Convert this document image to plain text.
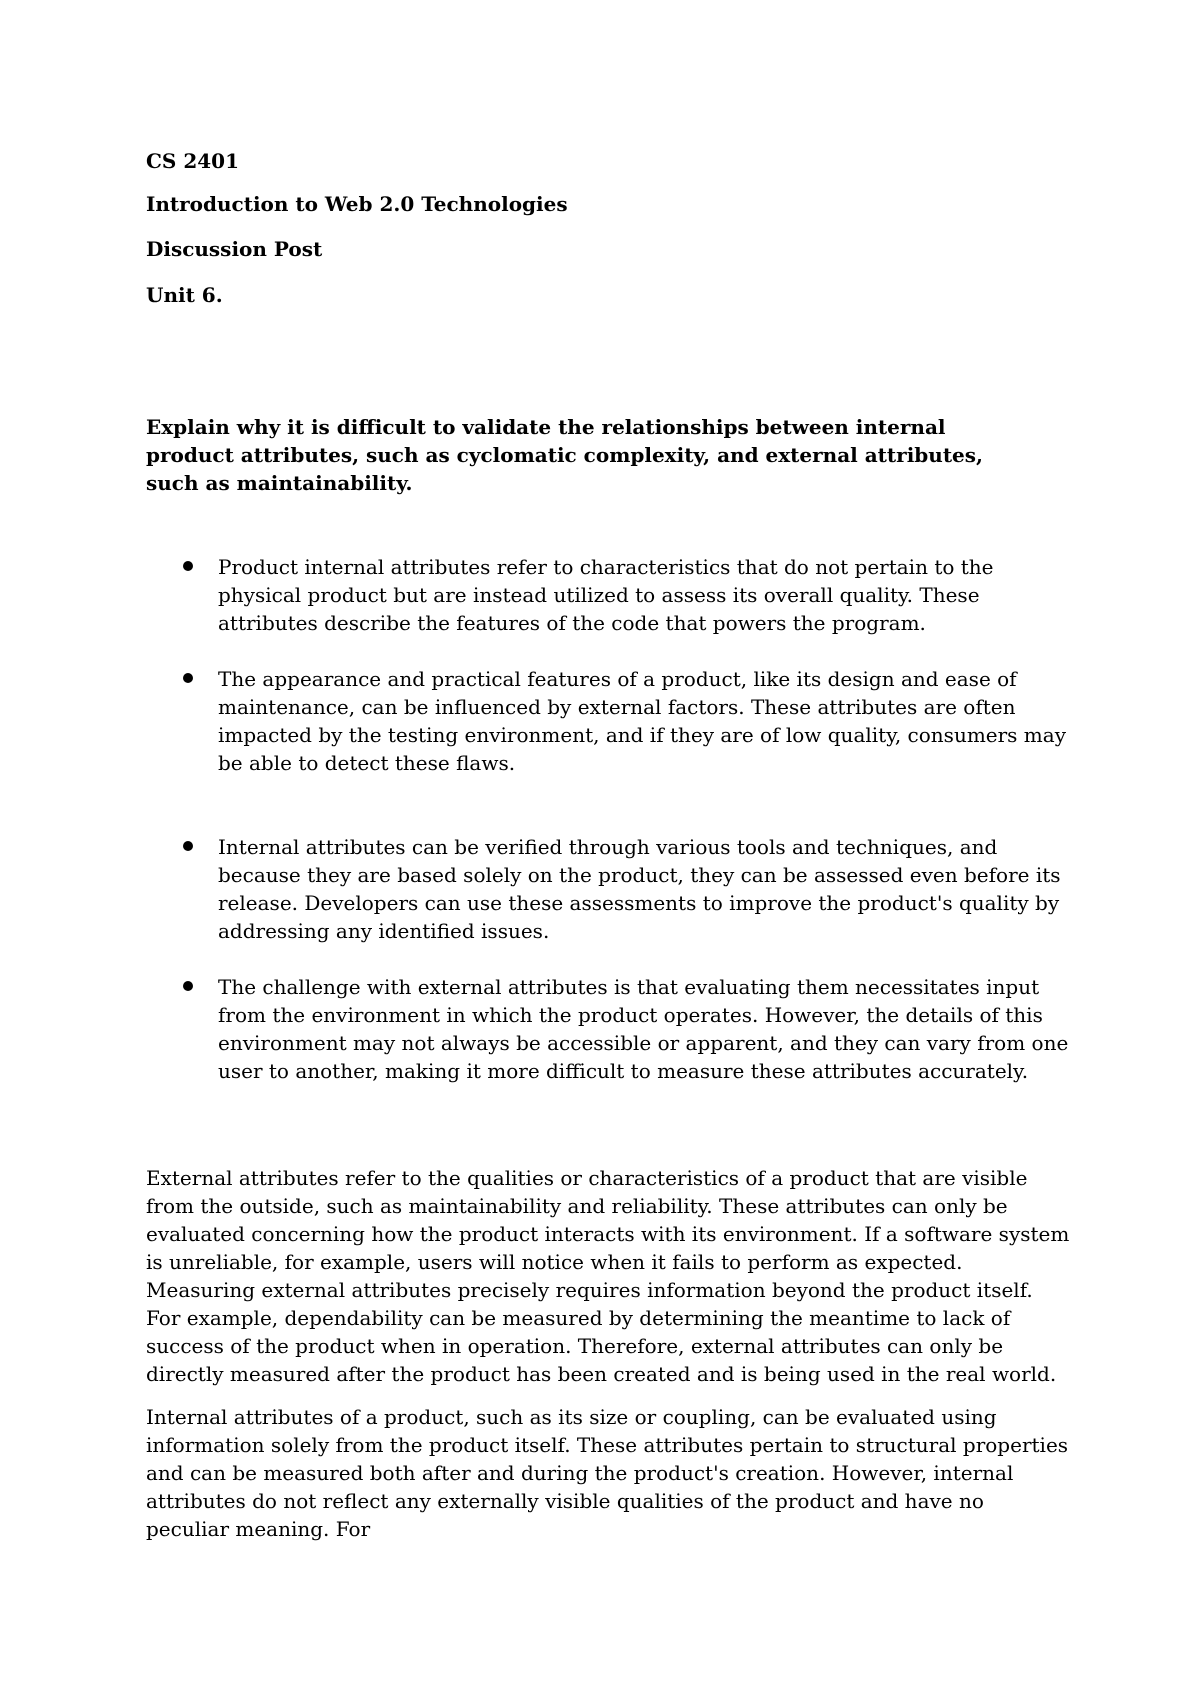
CS 2401

Introduction to Web 2.0 Technologies

Discussion Post

Unit 6.

Explain why it is difficult to validate the relationships between internal product attributes, such as cyclomatic complexity, and external attributes, such as maintainability.

Product internal attributes refer to characteristics that do not pertain to the physical product but are instead utilized to assess its overall quality. These attributes describe the features of the code that powers the program.
The appearance and practical features of a product, like its design and ease of maintenance, can be influenced by external factors. These attributes are often impacted by the testing environment, and if they are of low quality, consumers may be able to detect these flaws.
Internal attributes can be verified through various tools and techniques, and because they are based solely on the product, they can be assessed even before its release. Developers can use these assessments to improve the product's quality by addressing any identified issues.
The challenge with external attributes is that evaluating them necessitates input from the environment in which the product operates. However, the details of this environment may not always be accessible or apparent, and they can vary from one user to another, making it more difficult to measure these attributes accurately.

External attributes refer to the qualities or characteristics of a product that are visible from the outside, such as maintainability and reliability. These attributes can only be evaluated concerning how the product interacts with its environment. If a software system is unreliable, for example, users will notice when it fails to perform as expected. Measuring external attributes precisely requires information beyond the product itself. For example, dependability can be measured by determining the meantime to lack of success of the product when in operation. Therefore, external attributes can only be directly measured after the product has been created and is being used in the real world.

Internal attributes of a product, such as its size or coupling, can be evaluated using information solely from the product itself. These attributes pertain to structural properties and can be measured both after and during the product's creation. However, internal attributes do not reflect any externally visible qualities of the product and have no peculiar meaning. For
